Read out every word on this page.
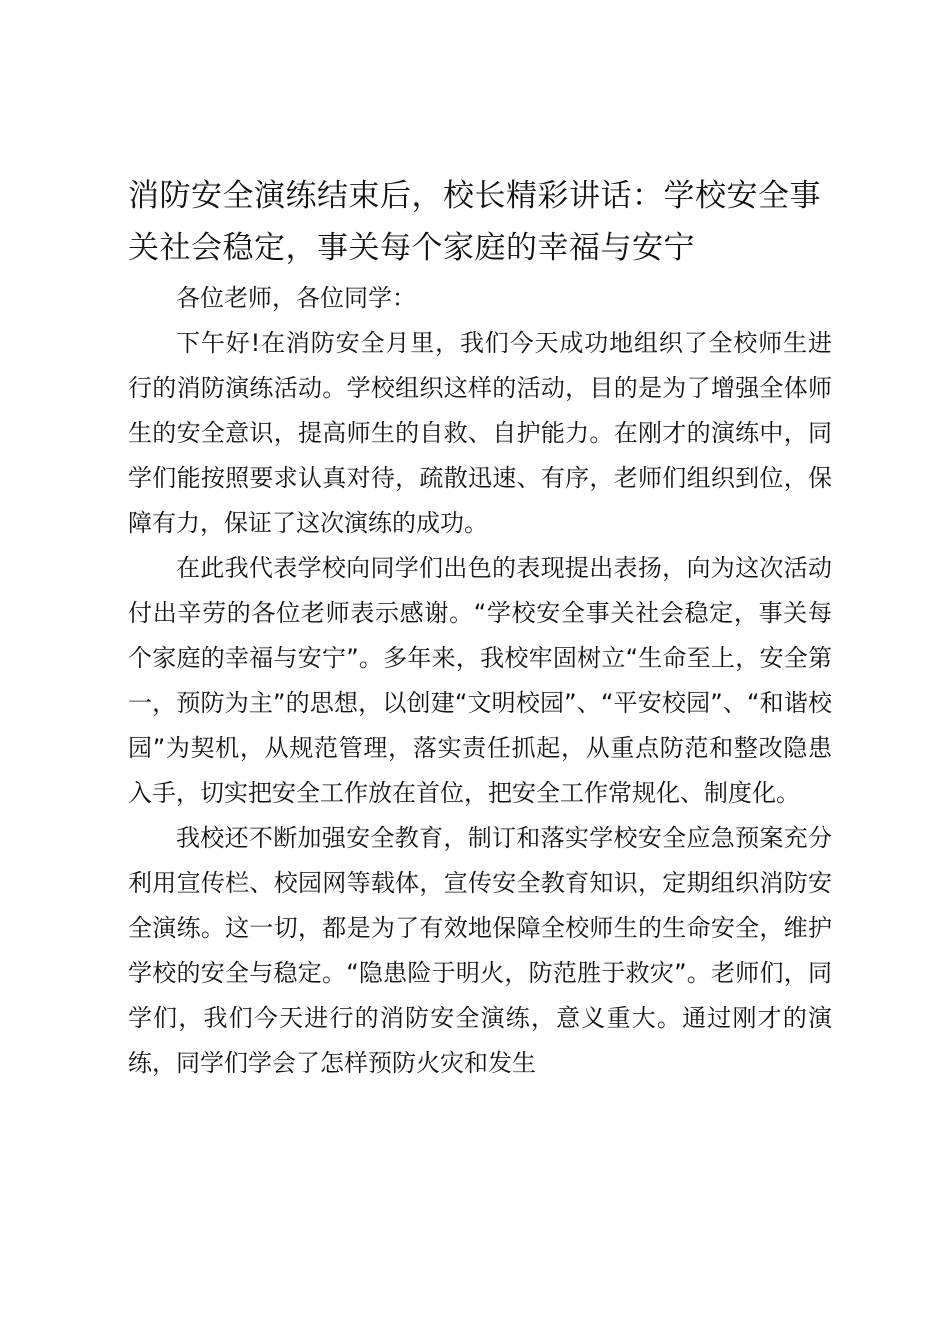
消防安全演练结束后，校长精彩讲话：学校安全事关社会稳定，事关每个家庭的幸福与安宁

各位老师，各位同学：

下午好!在消防安全月里，我们今天成功地组织了全校师生进行的消防演练活动。学校组织这样的活动，目的是为了增强全体师生的安全意识，提高师生的自救、自护能力。在刚才的演练中，同学们能按照要求认真对待，疏散迅速、有序，老师们组织到位，保障有力，保证了这次演练的成功。

在此我代表学校向同学们出色的表现提出表扬，向为这次活动付出辛劳的各位老师表示感谢。“学校安全事关社会稳定，事关每个家庭的幸福与安宁”。多年来，我校牢固树立“生命至上，安全第一，预防为主”的思想，以创建“文明校园”、“平安校园”、“和谐校园”为契机，从规范管理，落实责任抓起，从重点防范和整改隐患入手，切实把安全工作放在首位，把安全工作常规化、制度化。

我校还不断加强安全教育，制订和落实学校安全应急预案充分利用宣传栏、校园网等载体，宣传安全教育知识，定期组织消防安全演练。这一切，都是为了有效地保障全校师生的生命安全，维护学校的安全与稳定。“隐患险于明火，防范胜于救灾”。老师们，同学们，我们今天进行的消防安全演练，意义重大。通过刚才的演练，同学们学会了怎样预防火灾和发生
